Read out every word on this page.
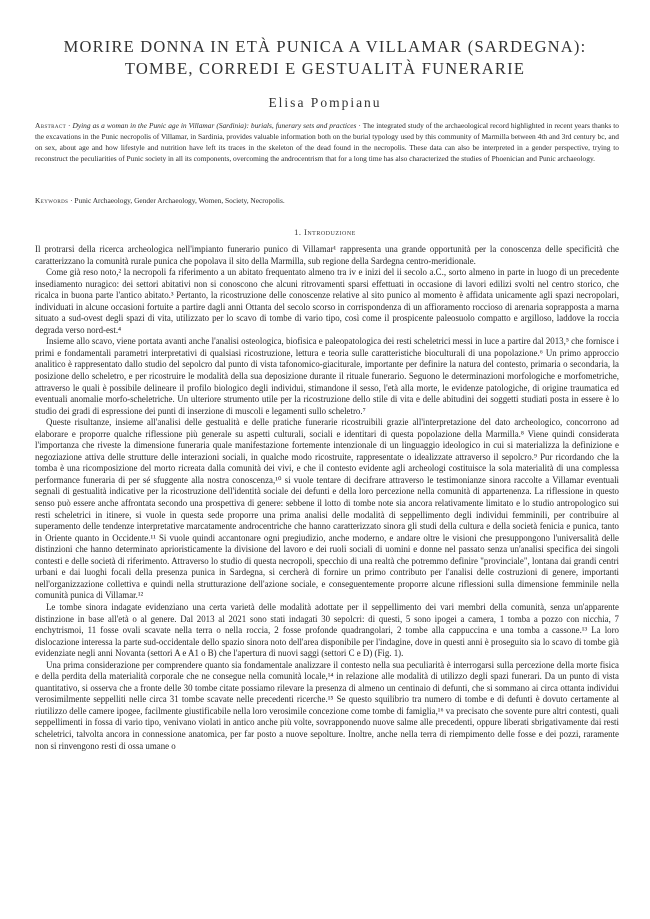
MORIRE DONNA IN ETÀ PUNICA A VILLAMAR (SARDEGNA):
TOMBE, CORREDI E GESTUALITÀ FUNERARIE
Elisa Pompianu
Abstract · Dying as a woman in the Punic age in Villamar (Sardinia): burials, funerary sets and practices · The integrated study of the archaeological record highlighted in recent years thanks to the excavations in the Punic necropolis of Villamar, in Sardinia, provides valuable information both on the burial typology used by this community of Marmilla between 4th and 3rd century bc, and on sex, about age and how lifestyle and nutrition have left its traces in the skeleton of the dead found in the necropolis. These data can also be interpreted in a gender perspective, trying to reconstruct the peculiarities of Punic society in all its components, overcoming the androcentrism that for a long time has also characterized the studies of Phoenician and Punic archaeology.
Keywords · Punic Archaeology, Gender Archaeology, Women, Society, Necropolis.
1. Introduzione

Il protrarsi della ricerca archeologica nell'impianto funerario punico di Villamar¹ rappresenta una grande opportunità per la conoscenza delle specificità che caratterizzano la comunità rurale punica che popolava il sito della Marmilla, sub regione della Sardegna centro-meridionale.

Come già reso noto,² la necropoli fa riferimento a un abitato frequentato almeno tra iv e inizi del ii secolo a.C., sorto almeno in parte in luogo di un precedente insediamento nuragico: dei settori abitativi non si conoscono che alcuni ritrovamenti sparsi effettuati in occasione di lavori edilizi svolti nel centro storico, che ricalca in buona parte l'antico abitato.³ Pertanto, la ricostruzione delle conoscenze relative al sito punico al momento è affidata unicamente agli spazi necropolari, individuati in alcune occasioni fortuite a partire dagli anni Ottanta del secolo scorso in corrispondenza di un affioramento roccioso di arenaria soprapposta a marna situato a sud-ovest degli spazi di vita, utilizzato per lo scavo di tombe di vario tipo, così come il prospicente paleosuolo compatto e argilloso, laddove la roccia degrada verso nord-est.⁴

Insieme allo scavo, viene portata avanti anche l'analisi osteologica, biofisica e paleopatologica dei resti scheletrici messi in luce a partire dal 2013,⁵ che forniscе i primi e fondamentali parametri interpretativi di qualsiasi ricostruzione, lettura e teoria sulle caratteristiche bioculturali di una popolazione.⁶ Un primo approccio analitico è rappresentato dallo studio del sepolcro dal punto di vista tafonomico-giaciturale, importante per definire la natura del contesto, primaria o secondaria, la posizione dello scheletro, e per ricostruire le modalità della sua deposizione durante il rituale funerario. Seguono le determinazioni morfologiche e morfometriche, attraverso le quali è possibile delineare il profilo biologico degli individui, stimandone il sesso, l'età alla morte, le evidenze patologiche, di origine traumatica ed eventuali anomalie morfo-scheletriche. Un ulteriore strumento utile per la ricostruzione dello stile di vita e delle abitudini dei soggetti studiati posta in essere è lo studio dei gradi di espressione dei punti di inserzione di muscoli e legamenti sullo scheletro.⁷

Queste risultanze, insieme all'analisi delle gestualità e delle pratiche funerarie ricostruibili grazie all'interpretazione del dato archeologico, concorrono ad elaborare e proporre qualche riflessione più generale su aspetti culturali, sociali e identitari di questa popolazione della Marmilla.⁸ Viene quindi considerata l'importanza che riveste la dimensione funeraria quale manifestazione fortemente intenzionale di un linguaggio ideologico in cui si materializza la definizione e negoziazione attiva delle strutture delle interazioni sociali, in qualche modo ricostruite, rappresentate o idealizzate attraverso il sepolcro.⁹ Pur ricordando che la tomba è una ricomposizione del morto ricreata dalla comunità dei vivi, e che il contesto evidente agli archeologi costituisce la sola materialità di una complessa performance funeraria di per sé sfuggente alla nostra conoscenza,¹⁰ si vuole tentare di decifrare attraverso le testimonianze sinora raccolte a Villamar eventuali segnali di gestualità indicative per la ricostruzione dell'identità sociale dei defunti e della loro percezione nella comunità di appartenenza. La riflessione in questo senso può essere anche affrontata secondo una prospettiva di genere: sebbene il lotto di tombe note sia ancora relativamente limitato e lo studio antropologico sui resti scheletrici in itinere, si vuole in questa sede proporre una prima analisi delle modalità di seppellimento degli individui femminili, per contribuire al superamento delle tendenze interpretative marcatamente androcentriche che hanno caratterizzato sinora gli studi della cultura e della società fenicia e punica, tanto in Oriente quanto in Occidente.¹¹ Si vuole quindi accantonare ogni pregiudizio, anche moderno, e andare oltre le visioni che presuppongono l'universalità delle distinzioni che hanno determinato aprioristicamente la divisione del lavoro e dei ruoli sociali di uomini e donne nel passato senza un'analisi specifica dei singoli contesti e delle società di riferimento. Attraverso lo studio di questa necropoli, specchio di una realtà che potremmo definire "provinciale", lontana dai grandi centri urbani e dai luoghi focali della presenza punica in Sardegna, si cercherà di fornire un primo contributo per l'analisi delle costruzioni di genere, importanti nell'organizzazione collettiva e quindi nella strutturazione dell'azione sociale, e conseguentemente proporre alcune riflessioni sulla dimensione femminile nella comunità punica di Villamar.¹²

Le tombe sinora indagate evidenziano una certa varietà delle modalità adottate per il seppellimento dei vari membri della comunità, senza un'apparente distinzione in base all'età o al genere. Dal 2013 al 2021 sono stati indagati 30 sepolcri: di questi, 5 sono ipogei a camera, 1 tomba a pozzo con nicchia, 7 enchytrismoi, 11 fosse ovali scavate nella terra o nella roccia, 2 fosse profonde quadrangolari, 2 tombe alla cappuccina e una tomba a cassone.¹³ La loro dislocazione interessa la parte sud-occidentale dello spazio sinora noto dell'area disponibile per l'indagine, dove in questi anni è proseguito sia lo scavo di tombe già evidenziate negli anni Novanta (settori A e A1 o B) che l'apertura di nuovi saggi (settori C e D) (Fig. 1).

Una prima considerazione per comprendere quanto sia fondamentale analizzare il contesto nella sua peculiarità è interrogarsi sulla percezione della morte fisica e della perdita della materialità corporale che ne consegue nella comunità locale,¹⁴ in relazione alle modalità di utilizzo degli spazi funerari. Da un punto di vista quantitativo, si osserva che a fronte delle 30 tombe citate possiamo rilevare la presenza di almeno un centinaio di defunti, che si sommano ai circa ottanta individui verosimilmente seppelliti nelle circa 31 tombe scavate nelle precedenti ricerche.¹⁵ Se questo squilibrio tra numero di tombe e di defunti è dovuto certamente al riutilizzo delle camere ipogee, facilmente giustificabile nella loro verosimile concezione come tombe di famiglia,¹⁶ va precisato che sovente pure altri contesti, quali seppellimenti in fossa di vario tipo, venivano violati in antico anche più volte, sovrapponendo nuove salme alle precedenti, oppure liberati sbrigativamente dai resti scheletrici, talvolta ancora in connessione anatomica, per far posto a nuove sepolture. Inoltre, anche nella terra di riempimento delle fosse e dei pozzi, raramente non si rinvengono resti di ossa umane o
